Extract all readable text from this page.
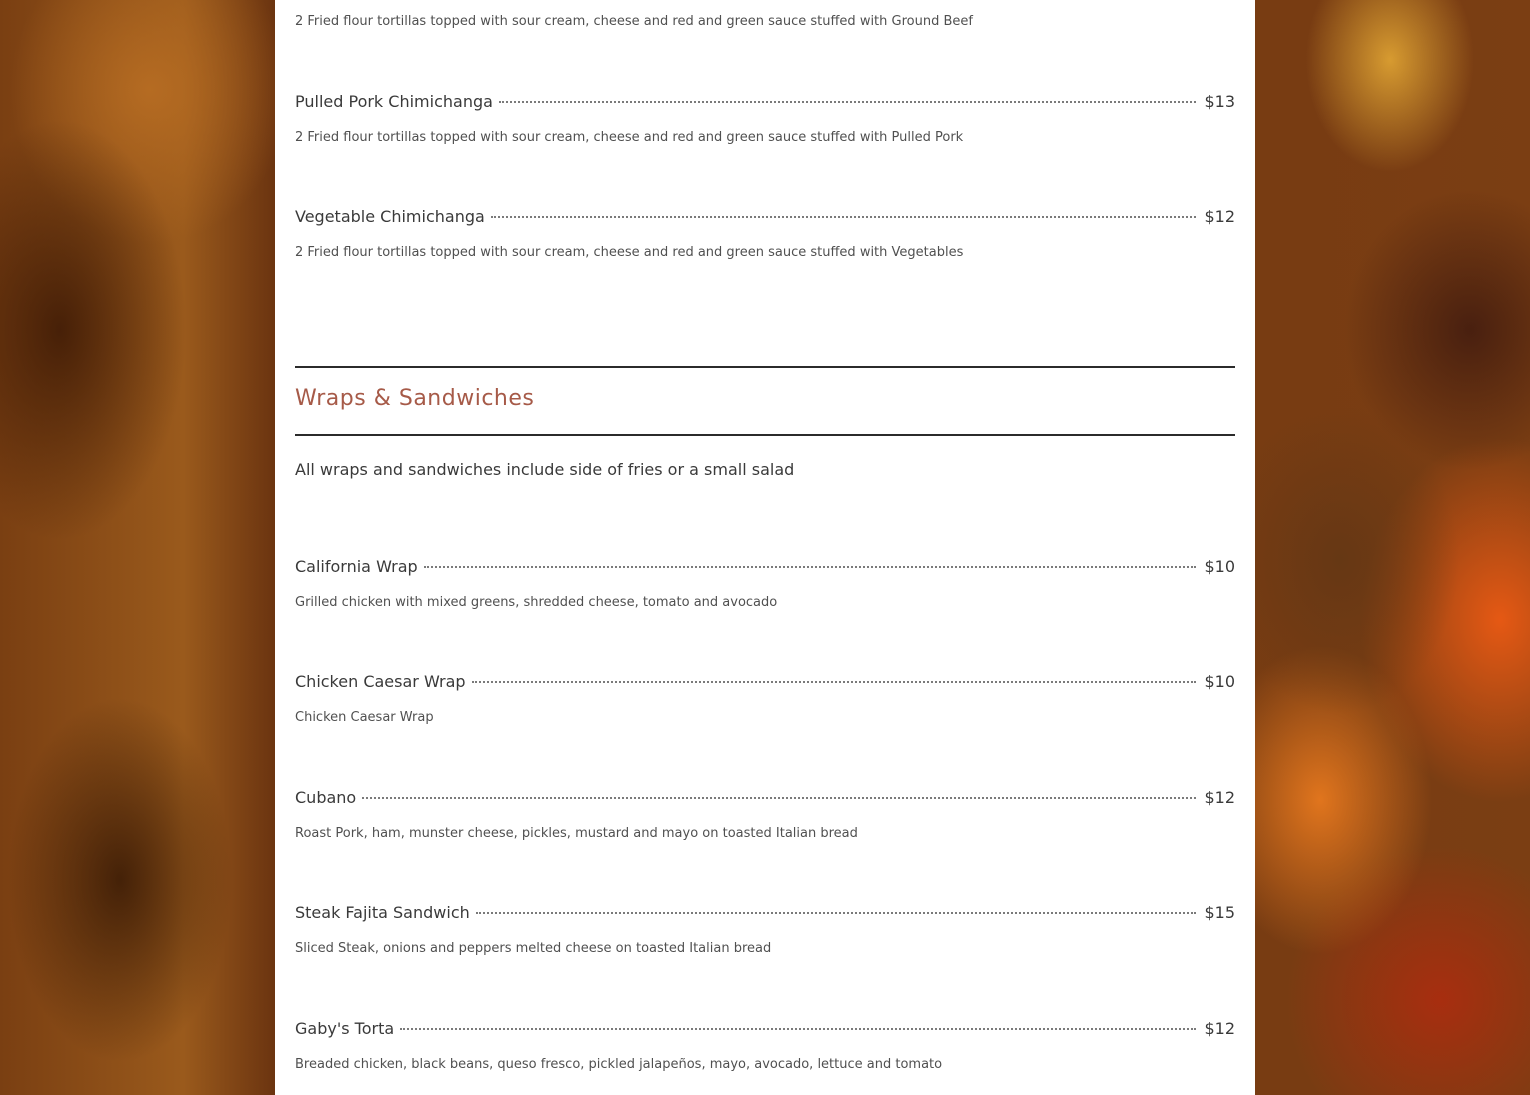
2 Fried flour tortillas topped with sour cream, cheese and red and green sauce stuffed with Ground Beef
Pulled Pork Chimichanga	$13
2 Fried flour tortillas topped with sour cream, cheese and red and green sauce stuffed with Pulled Pork
Vegetable Chimichanga	$12
2 Fried flour tortillas topped with sour cream, cheese and red and green sauce stuffed with Vegetables
Wraps & Sandwiches
All wraps and sandwiches include side of fries or a small salad
California Wrap	$10
Grilled chicken with mixed greens, shredded cheese, tomato and avocado
Chicken Caesar Wrap	$10
Chicken Caesar Wrap
Cubano	$12
Roast Pork, ham, munster cheese, pickles, mustard and mayo on toasted Italian bread
Steak Fajita Sandwich	$15
Sliced Steak, onions and peppers melted cheese on toasted Italian bread
Gaby's Torta	$12
Breaded chicken, black beans, queso fresco, pickled jalapeños, mayo, avocado, lettuce and tomato
